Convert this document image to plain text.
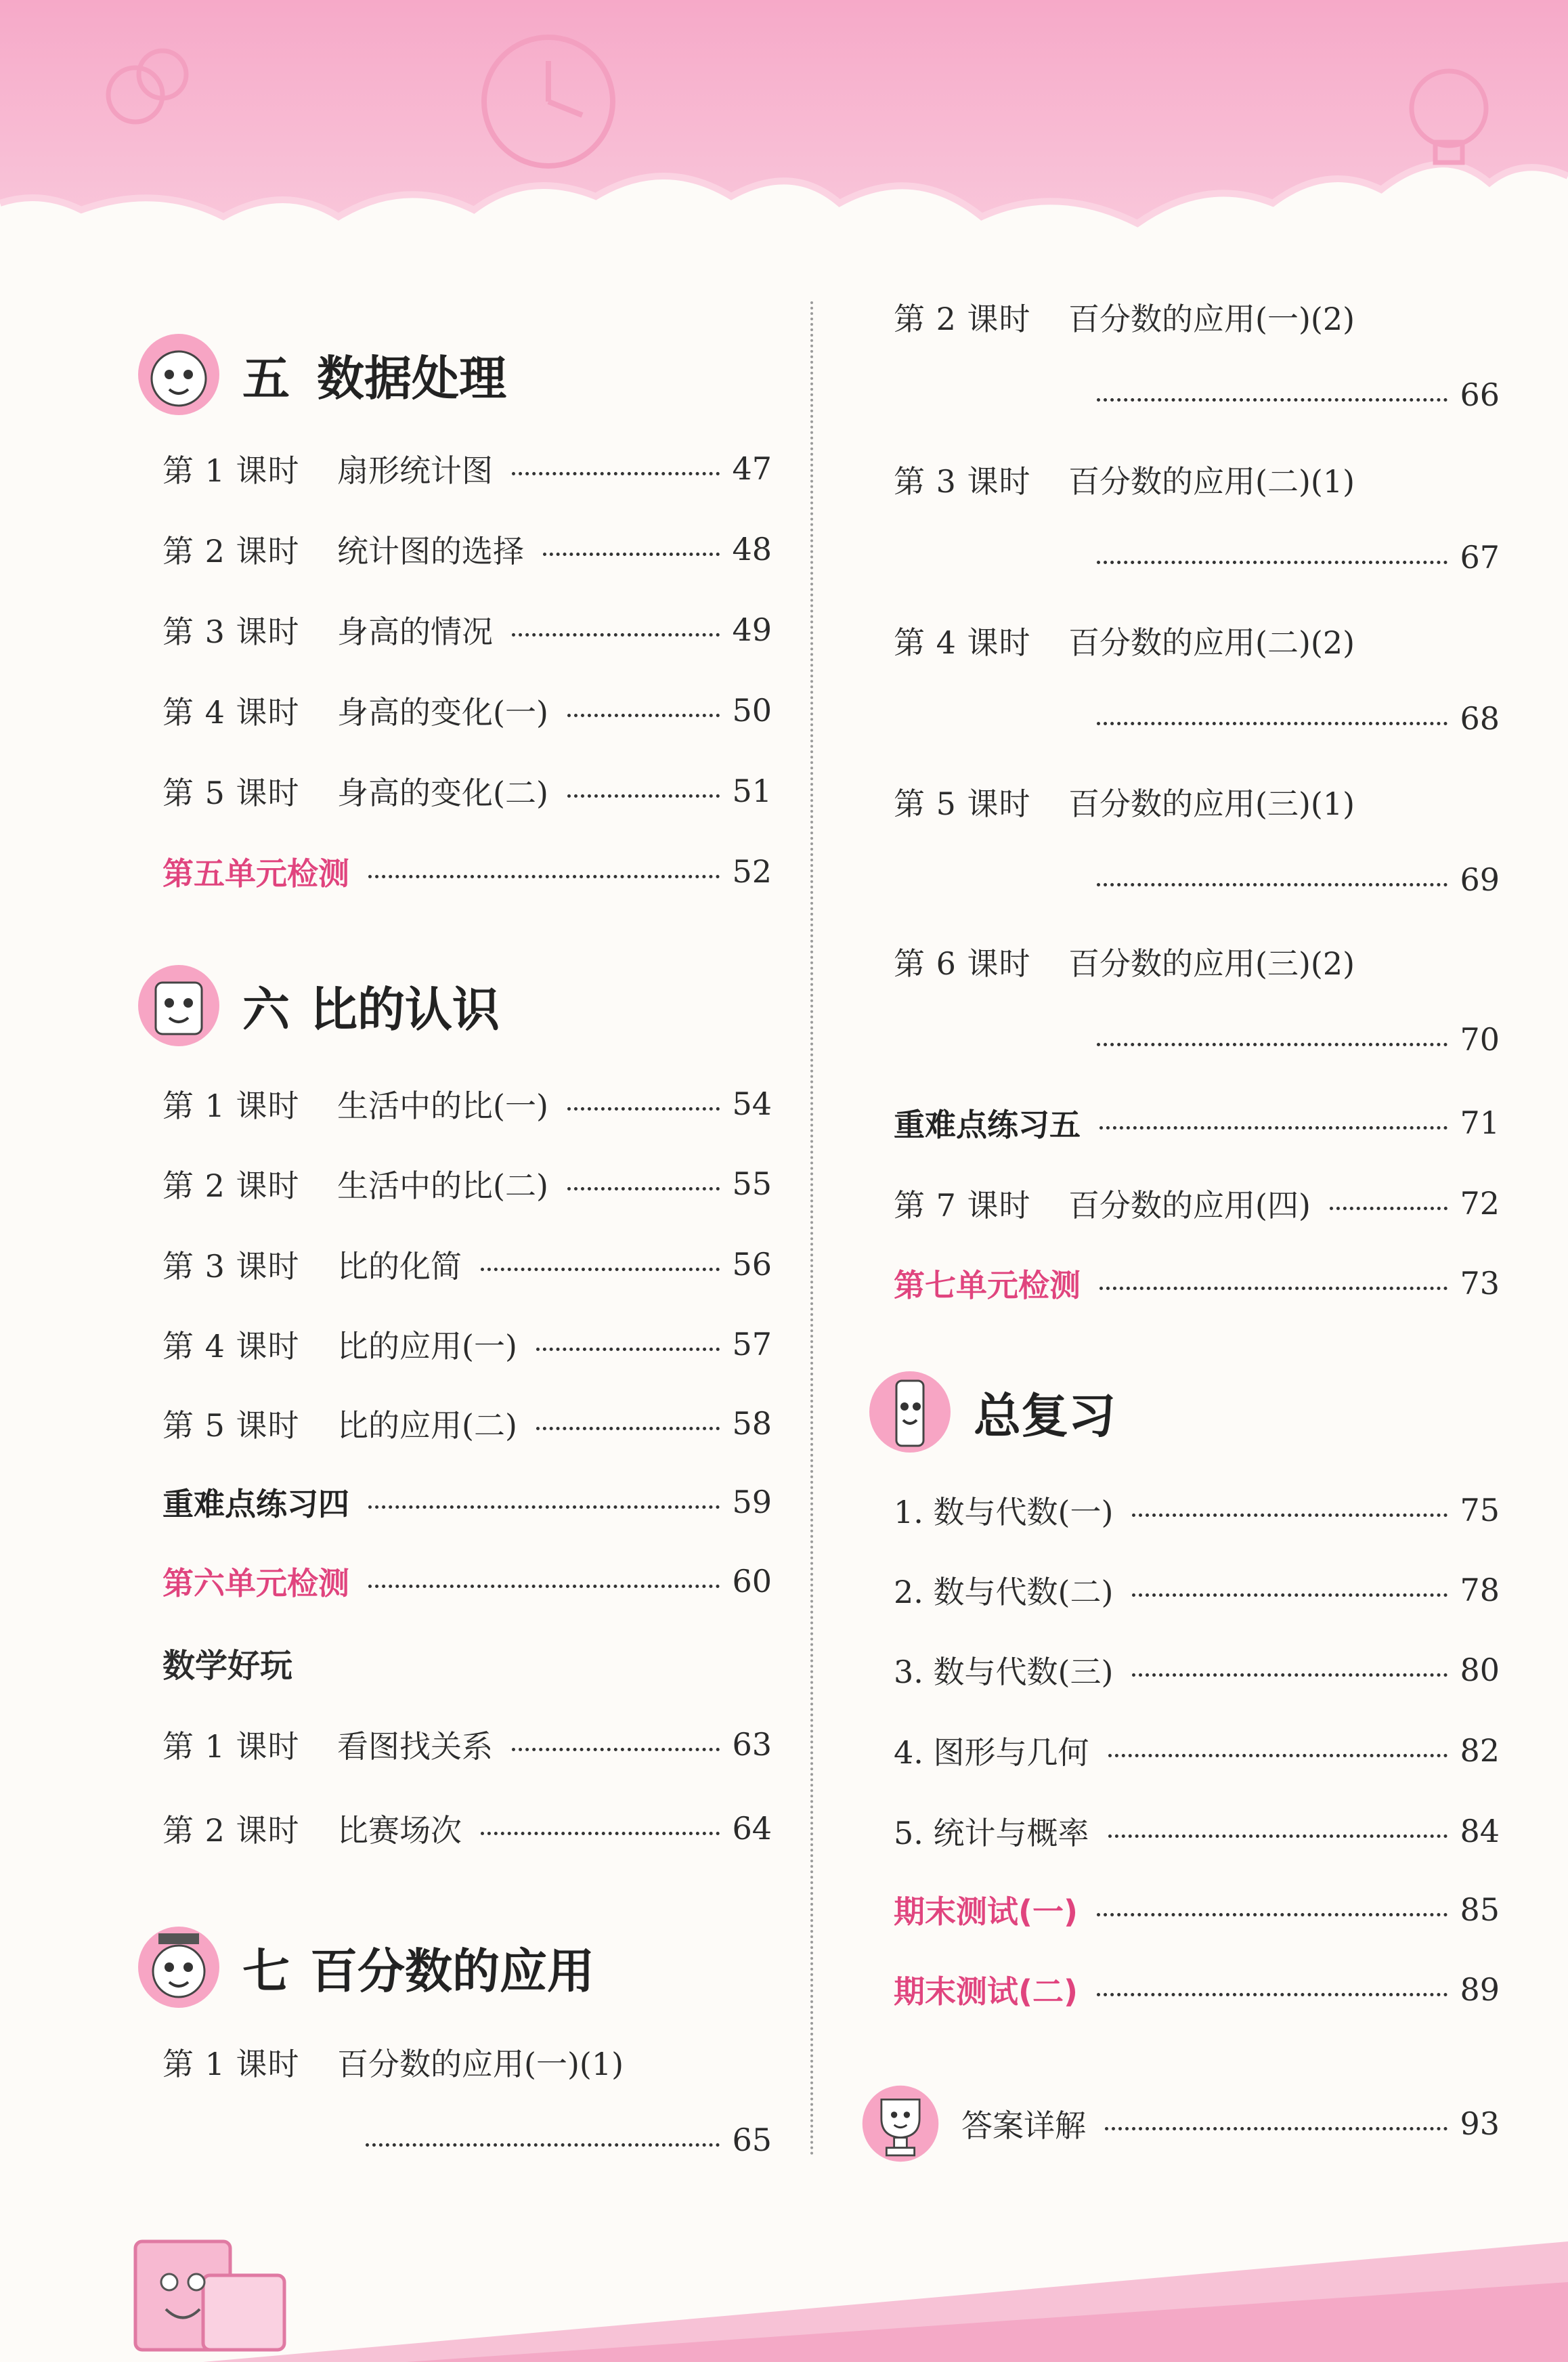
五 数据处理
第 1 课时	扇形统计图	47
第 2 课时	统计图的选择	48
第 3 课时	身高的情况	49
第 4 课时	身高的变化(一)	50
第 5 课时	身高的变化(二)	51
第五单元检测	52
六 比的认识
第 1 课时	生活中的比(一)	54
第 2 课时	生活中的比(二)	55
第 3 课时	比的化简	56
第 4 课时	比的应用(一)	57
第 5 课时	比的应用(二)	58
重难点练习四	59
第六单元检测	60
数学好玩
第 1 课时	看图找关系	63
第 2 课时	比赛场次	64
七 百分数的应用
第 1 课时	百分数的应用(一)(1)
65
第 2 课时	百分数的应用(一)(2)
66
第 3 课时	百分数的应用(二)(1)
67
第 4 课时	百分数的应用(二)(2)
68
第 5 课时	百分数的应用(三)(1)
69
第 6 课时	百分数的应用(三)(2)
70
重难点练习五	71
第 7 课时	百分数的应用(四)	72
第七单元检测	73
总复习
1. 数与代数(一)	75
2. 数与代数(二)	78
3. 数与代数(三)	80
4. 图形与几何	82
5. 统计与概率	84
期末测试(一)	85
期末测试(二)	89
答案详解	93
